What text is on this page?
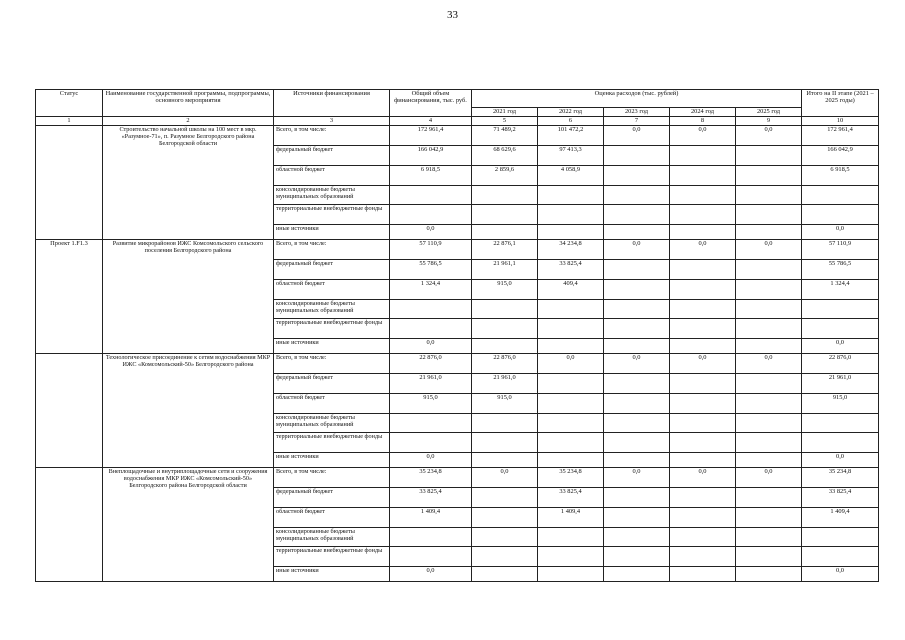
33
Статус	Наименование государственной программы, подпрограммы, основного мероприятия	Источники финансирования	Общий объем финансирования, тыс. руб.	Оценка расходов (тыс. рублей)					Итого на II этапе (2021 – 2025 годы)
				2021 год	2022 год	2023 год	2024 год	2025 год	
1	2	3	4	5	6	7	8	9	10
	Строительство начальной школы на 100 мест в мкр. «Разумное-71», п. Разумное Белгородского района Белгородской области	Всего, в том числе:	172 961,4	71 489,2	101 472,2	0,0	0,0	0,0	172 961,4
		федеральный бюджет	166 042,9	68 629,6	97 413,3				166 042,9
		областной бюджет	6 918,5	2 859,6	4 058,9				6 918,5
		консолидированные бюджеты муниципальных образований							
		территориальные внебюджетные фонды							
		иные источники	0,0						0,0
Проект 1.F1.3	Развитие микрорайонов ИЖС Комсомольского сельского поселения Белгородского района	Всего, в том числе:	57 110,9	22 876,1	34 234,8	0,0	0,0	0,0	57 110,9
		федеральный бюджет	55 786,5	21 961,1	33 825,4				55 786,5
		областной бюджет	1 324,4	915,0	409,4				1 324,4
		консолидированные бюджеты муниципальных образований							
		территориальные внебюджетные фонды							
		иные источники	0,0						0,0
	Технологическое присоединение к сетям водоснабжения МКР ИЖС «Комсомольский-50» Белгородского района	Всего, в том числе:	22 876,0	22 876,0	0,0	0,0	0,0	0,0	22 876,0
		федеральный бюджет	21 961,0	21 961,0					21 961,0
		областной бюджет	915,0	915,0					915,0
		консолидированные бюджеты муниципальных образований							
		территориальные внебюджетные фонды							
		иные источники	0,0						0,0
	Внеплощадочные и внутриплощадочные сети и сооружения водоснабжения МКР ИЖС «Комсомольский-50» Белгородского района Белгородской области	Всего, в том числе:	35 234,8	0,0	35 234,8	0,0	0,0	0,0	35 234,8
		федеральный бюджет	33 825,4		33 825,4				33 825,4
		областной бюджет	1 409,4		1 409,4				1 409,4
		консолидированные бюджеты муниципальных образований							
		территориальные внебюджетные фонды							
		иные источники	0,0						0,0
